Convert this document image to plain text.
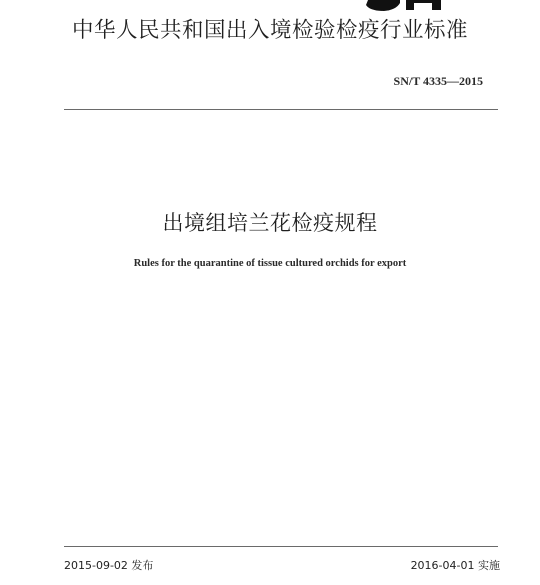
中华人民共和国出入境检验检疫行业标准
SN/T 4335—2015
出境组培兰花检疫规程
Rules for the quarantine of tissue cultured orchids for export
2015-09-02 发布	2016-04-01 实施
